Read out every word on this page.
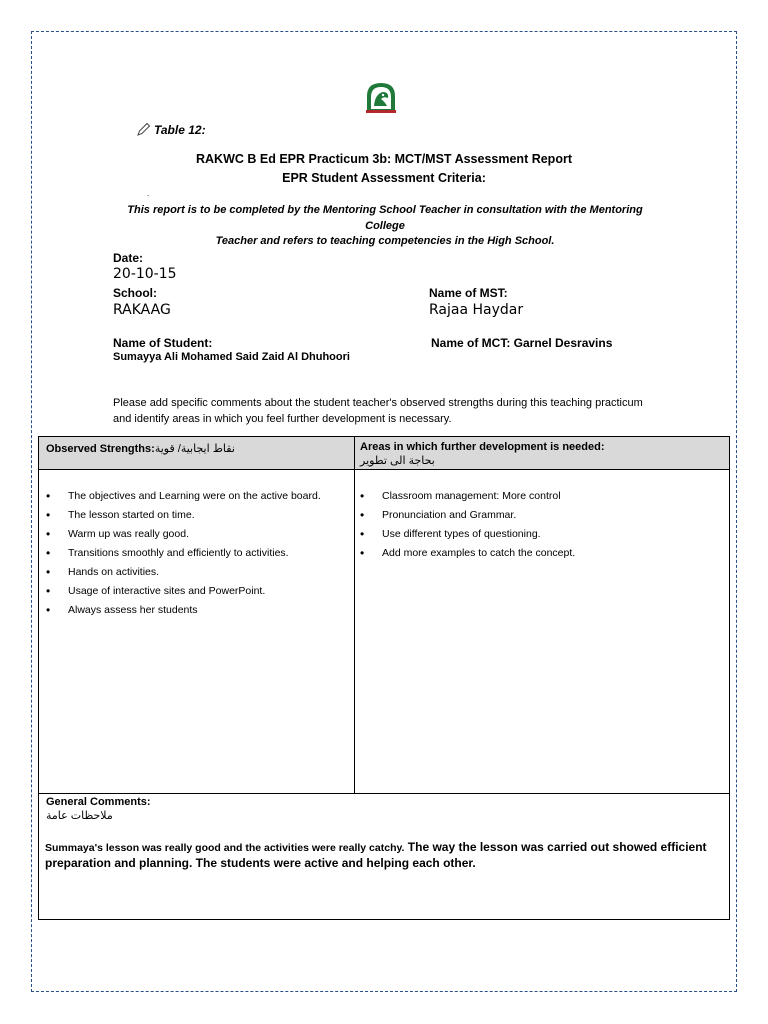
Table 12:
RAKWC B Ed EPR Practicum 3b: MCT/MST Assessment Report
EPR Student Assessment Criteria:
.
This report is to be completed by the Mentoring School Teacher in consultation with the Mentoring
College
Teacher and refers to teaching competencies in the High School.
Date:
20-10-15
School:
RAKAAG
Name of MST:
Rajaa Haydar
Name of Student:
Sumayya Ali Mohamed Said Zaid Al Dhuhoori
Name of MCT: Garnel Desravins
Please add specific comments about the student teacher's observed strengths during this teaching practicum and identify areas in which you feel further development is necessary.
Observed Strengths:نقاط ايجابية/ قوية	Areas in which further development is needed:
بحاجة الى تطوير
• The objectives and Learning were on the active board.
• The lesson started on time.
• Warm up was really good.
• Transitions smoothly and efficiently to activities.
• Hands on activities.
• Usage of interactive sites and PowerPoint.
• Always assess her students
• Classroom management: More control
• Pronunciation and Grammar.
• Use different types of questioning.
• Add more examples to catch the concept.
General Comments:
ملاحظات عامة
Summaya's lesson was really good and the activities were really catchy. The way the lesson was carried out showed efficient preparation and planning. The students were active and helping each other.
